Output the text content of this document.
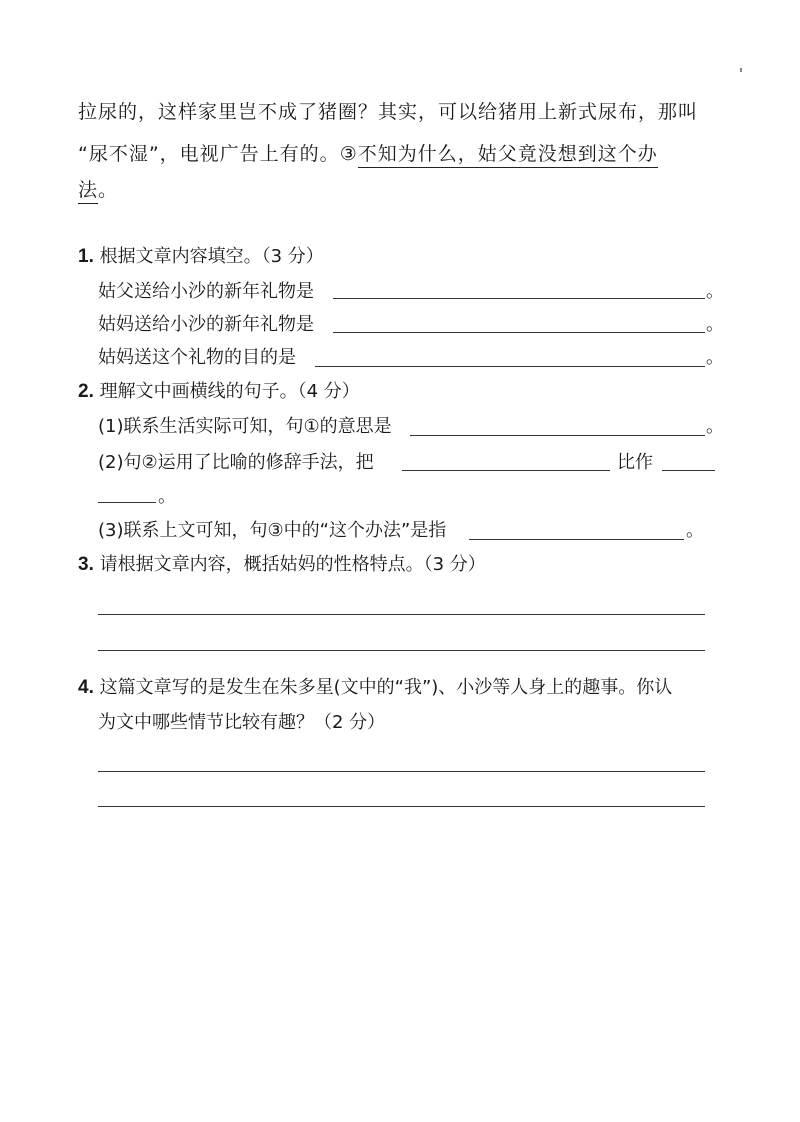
拉尿的，这样家里岂不成了猪圈？其实，可以给猪用上新式尿布，那叫
“尿不湿”，电视广告上有的。③不知为什么，姑父竟没想到这个办
法。
1. 根据文章内容填空。（3 分）
姑父送给小沙的新年礼物是	。
姑妈送给小沙的新年礼物是	。
姑妈送这个礼物的目的是	。
2. 理解文中画横线的句子。（4 分）
(1)联系生活实际可知，句①的意思是	。
(2)句②运用了比喻的修辞手法，把	比作
。
(3)联系上文可知，句③中的“这个办法”是指	。
3. 请根据文章内容，概括姑妈的性格特点。（3 分）
4. 这篇文章写的是发生在朱多星(文中的“我”)、小沙等人身上的趣事。你认
为文中哪些情节比较有趣？（2 分）
